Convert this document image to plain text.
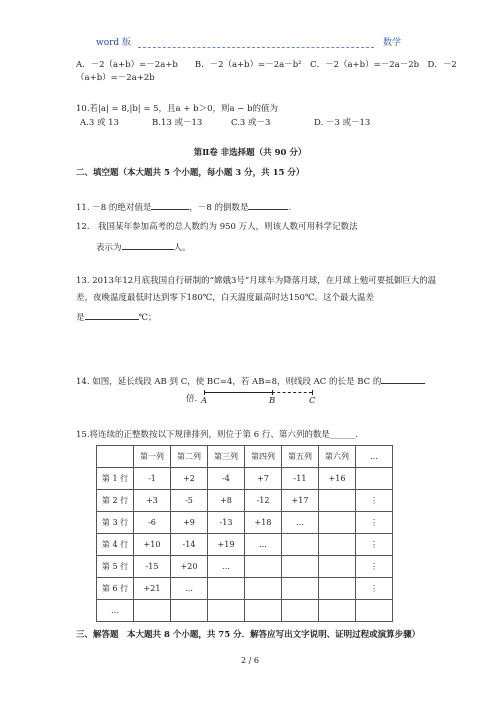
word 版	数学
A．－2（a+b）=－2a+b　　B．－2（a+b）=－2a－b²　C．－2（a+b）=－2a－2b　D．－2
（a+b）=－2a+2b
10.若|a| = 8,|b| = 5，且a + b＞0，则a − b的值为
A.3 或 13	B.13 或－13	C.3 或－3	D. －3 或－13
第Ⅱ卷 非选择题（共 90 分）
二、填空题（本大题共 5 个小题，每小题 3 分，共 15 分）
11. －8 的绝对值是	，－8 的倒数是	.
12.　我国某年参加高考的总人数约为 950 万人，则该人数可用科学记数法
表示为	人。
13. 2013年12月底我国自行研制的“嫦娥3号”月球车为降落月球，在月球上勉可要抵御巨大的温
差，夜晚温度最低时达到零下180℃，白天温度最高时达150℃。这个最大温差
是	℃；
14. 如图，延长线段 AB 到 C，使 BC=4，若 AB=8，则线段 AC 的长是 BC 的
倍. A	B	C
15.将连续的正整数按以下规律排列，则位于第 6 行、第六列的数是______.
	第一列	第二列	第三列	第四列	第五列	第六列	…
第 1 行	-1	+2	-4	+7	-11	+16	
第 2 行	+3	-5	+8	-12	+17		⋮
第 3 行	-6	+9	-13	+18	…		⋮
第 4 行	+10	-14	+19	…			⋮
第 5 行	-15	+20	…				⋮
第 6 行	+21	…					⋮
…							
三、解答题　本大题共 8 个小题，共 75 分．解答应写出文字说明、证明过程或演算步骤）
2 / 6
